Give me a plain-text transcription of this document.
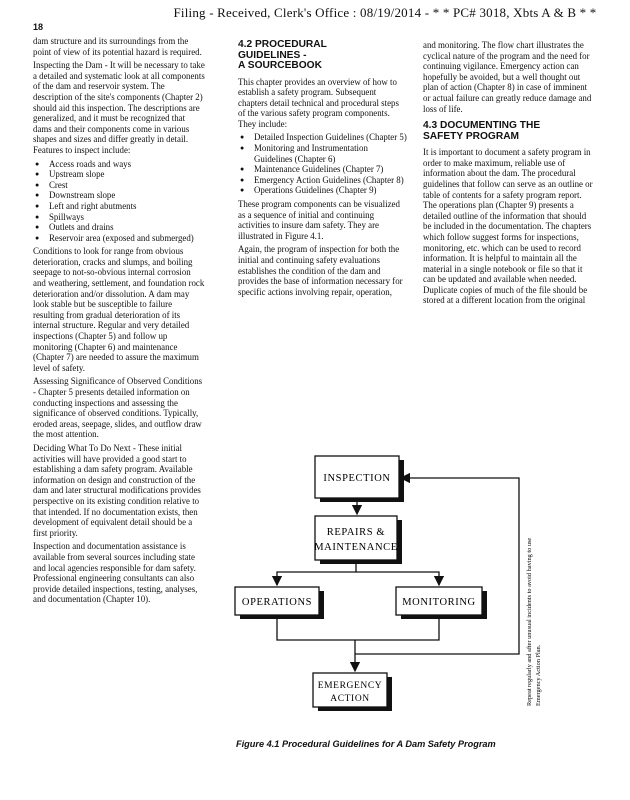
Filing - Received, Clerk's Office : 08/19/2014 - * * PC# 3018, Xbts A & B * *
18

dam structure and its surroundings from the point of view of its potential hazard is required.

Inspecting the Dam - It will be necessary to take a detailed and systematic look at all components of the dam and reservoir system. The description of the site's components (Chapter 2) should aid this inspection. The descriptions are generalized, and it must be recognized that dams and their components come in various shapes and sizes and differ greatly in detail. Features to inspect include:

● Access roads and ways
● Upstream slope
● Crest
● Downstream slope
● Left and right abutments
● Spillways
● Outlets and drains
● Reservoir area (exposed and submerged)

Conditions to look for range from obvious deterioration, cracks and slumps, and boiling seepage to not-so-obvious internal corrosion and weathering, settlement, and foundation rock deterioration and/or dissolution. A dam may look stable but be susceptible to failure resulting from gradual deterioration of its internal structure. Regular and very detailed inspections (Chapter 5) and follow up monitoring (Chapter 6) and maintenance (Chapter 7) are needed to assure the maximum level of safety.

Assessing Significance of Observed Conditions - Chapter 5 presents detailed information on conducting inspections and assessing the significance of observed conditions. Typically, eroded areas, seepage, slides, and outflow draw the most attention.

Deciding What To Do Next - These initial activities will have provided a good start to establishing a dam safety program. Available information on design and construction of the dam and later structural modifications provides perspective on its existing condition relative to that intended. If no documentation exists, then development of equivalent detail should be a first priority.

Inspection and documentation assistance is available from several sources including state and local agencies responsible for dam safety. Professional engineering consultants can also provide detailed inspections, testing, analyses, and documentation (Chapter 10).

4.2 PROCEDURAL
GUIDELINES -
A SOURCEBOOK

This chapter provides an overview of how to establish a safety program. Subsequent chapters detail technical and procedural steps of the various safety program components. They include:

● Detailed Inspection Guidelines (Chapter 5)
● Monitoring and Instrumentation Guidelines (Chapter 6)
● Maintenance Guidelines (Chapter 7)
● Emergency Action Guidelines (Chapter 8)
● Operations Guidelines (Chapter 9)

These program components can be visualized as a sequence of initial and continuing activities to insure dam safety. They are illustrated in Figure 4.1.

Again, the program of inspection for both the initial and continuing safety evaluations establishes the condition of the dam and provides the base of information necessary for specific actions involving repair, operation,

and monitoring. The flow chart illustrates the cyclical nature of the program and the need for continuing vigilance. Emergency action can hopefully be avoided, but a well thought out plan of action (Chapter 8) in case of imminent or actual failure can greatly reduce damage and loss of life.

4.3 DOCUMENTING THE
SAFETY PROGRAM

It is important to document a safety program in order to make maximum, reliable use of information about the dam. The procedural guidelines that follow can serve as an outline or table of contents for a safety program report. The operations plan (Chapter 9) presents a detailed outline of the information that should be included in the documentation. The chapters which follow suggest forms for inspections, monitoring, etc. which can be used to record information. It is helpful to maintain all the material in a single notebook or file so that it can be updated and available when needed. Duplicate copies of much of the file should be stored at a different location from the original

INSPECTION
REPAIRS &
MAINTENANCE
OPERATIONS	MONITORING
EMERGENCY
ACTION	Repeat regularly and after unusual incidents to avoid having to use Emergency Action Plan.
Figure 4.1 Procedural Guidelines for A Dam Safety Program
